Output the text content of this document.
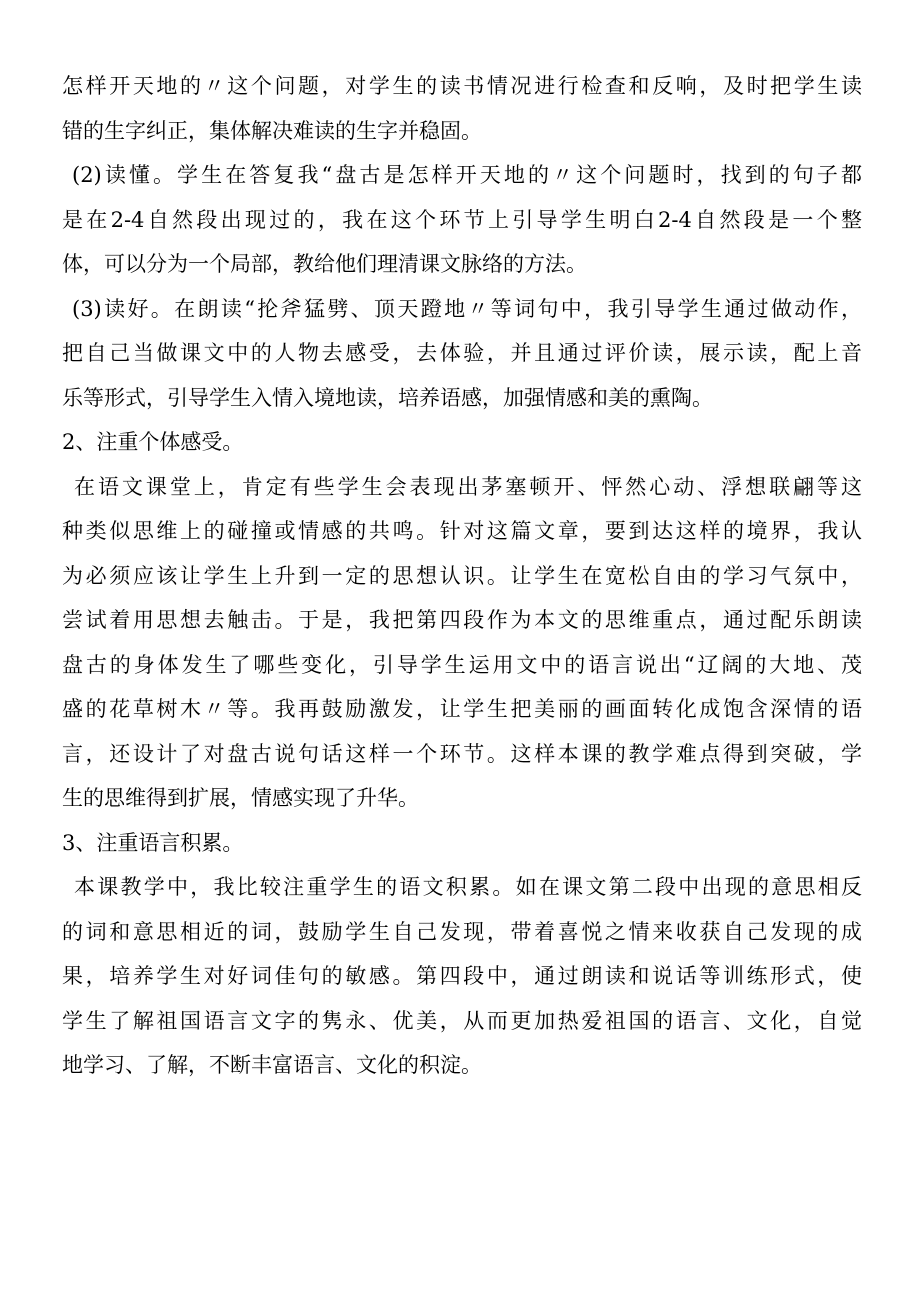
怎样开天地的〃这个问题，对学生的读书情况进行检查和反响，及时把学生读
错的生字纠正，集体解决难读的生字并稳固。
(2)读懂。学生在答复我“盘古是怎样开天地的〃这个问题时，找到的句子都
是在2-4自然段出现过的，我在这个环节上引导学生明白2-4自然段是一个整
体，可以分为一个局部，教给他们理清课文脉络的方法。
(3)读好。在朗读“抡斧猛劈、顶天蹬地〃等词句中，我引导学生通过做动作，
把自己当做课文中的人物去感受，去体验，并且通过评价读，展示读，配上音
乐等形式，引导学生入情入境地读，培养语感，加强情感和美的熏陶。
2、注重个体感受。
在语文课堂上，肯定有些学生会表现出茅塞顿开、怦然心动、浮想联翩等这
种类似思维上的碰撞或情感的共鸣。针对这篇文章，要到达这样的境界，我认
为必须应该让学生上升到一定的思想认识。让学生在宽松自由的学习气氛中，
尝试着用思想去触击。于是，我把第四段作为本文的思维重点，通过配乐朗读
盘古的身体发生了哪些变化，引导学生运用文中的语言说出“辽阔的大地、茂
盛的花草树木〃等。我再鼓励激发，让学生把美丽的画面转化成饱含深情的语
言，还设计了对盘古说句话这样一个环节。这样本课的教学难点得到突破，学
生的思维得到扩展，情感实现了升华。
3、注重语言积累。
本课教学中，我比较注重学生的语文积累。如在课文第二段中出现的意思相反
的词和意思相近的词，鼓励学生自己发现，带着喜悦之情来收获自己发现的成
果，培养学生对好词佳句的敏感。第四段中，通过朗读和说话等训练形式，使
学生了解祖国语言文字的隽永、优美，从而更加热爱祖国的语言、文化，自觉
地学习、了解，不断丰富语言、文化的积淀。
